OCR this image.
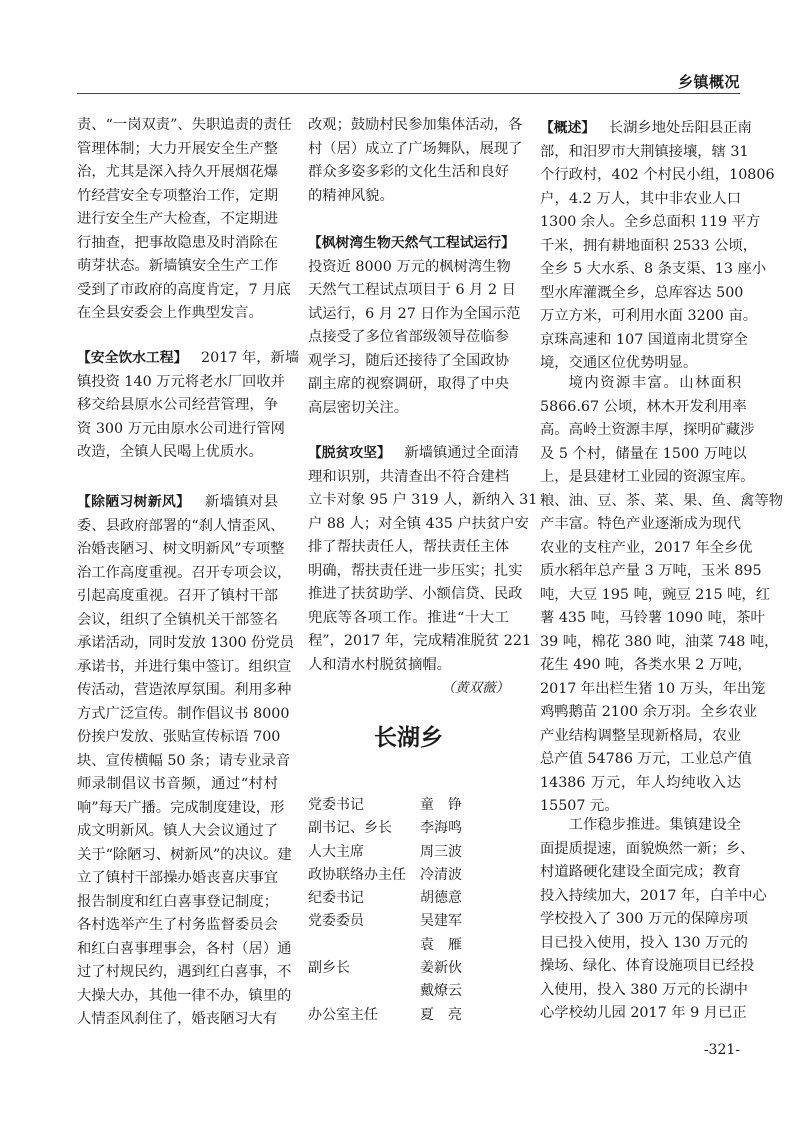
乡镇概况
责、“一岗双责”、失职追责的责任
管理体制；大力开展安全生产整
治，尤其是深入持久开展烟花爆
竹经营安全专项整治工作，定期
进行安全生产大检查，不定期进
行抽查，把事故隐患及时消除在
萌芽状态。新墙镇安全生产工作
受到了市政府的高度肯定，7 月底
在全县安委会上作典型发言。
【安全饮水工程】 2017 年，新墙
镇投资 140 万元将老水厂回收并
移交给县原水公司经营管理，争
资 300 万元由原水公司进行管网
改造，全镇人民喝上优质水。
【除陋习树新风】 新墙镇对县
委、县政府部署的“刹人情歪风、
治婚丧陋习、树文明新风”专项整
治工作高度重视。召开专项会议，
引起高度重视。召开了镇村干部
会议，组织了全镇机关干部签名
承诺活动，同时发放 1300 份党员
承诺书，并进行集中签订。组织宣
传活动，营造浓厚氛围。利用多种
方式广泛宣传。制作倡议书 8000
份挨户发放、张贴宣传标语 700
块、宣传横幅 50 条；请专业录音
师录制倡议书音频，通过“村村
响”每天广播。完成制度建设，形
成文明新风。镇人大会议通过了
关于“除陋习、树新风”的决议。建
立了镇村干部操办婚丧喜庆事宜
报告制度和红白喜事登记制度；
各村选举产生了村务监督委员会
和红白喜事理事会，各村（居）通
过了村规民约，遇到红白喜事，不
大操大办，其他一律不办，镇里的
人情歪风刹住了，婚丧陋习大有
（黄双薇）
长湖乡
党委书记	童　铮
副书记、乡长 李海鸣
人大主席	周三波
政协联络办主任 冷清波
纪委书记	胡德意
党委委员	吴建军
袁　雁
副乡长	姜新伙
戴燎云
办公室主任	夏　亮
改观；鼓励村民参加集体活动，各
村（居）成立了广场舞队，展现了
群众多姿多彩的文化生活和良好
的精神风貌。
【枫树湾生物天然气工程试运行】
投资近 8000 万元的枫树湾生物
天然气工程试点项目于 6 月 2 日
试运行，6 月 27 日作为全国示范
点接受了多位省部级领导莅临参
观学习，随后还接待了全国政协
副主席的视察调研，取得了中央
高层密切关注。
【脱贫攻坚】 新墙镇通过全面清
理和识别，共清查出不符合建档
立卡对象 95 户 319 人，新纳入 31
户 88 人；对全镇 435 户扶贫户安
排了帮扶责任人，帮扶责任主体
明确，帮扶责任进一步压实；扎实
推进了扶贫助学、小额信贷、民政
兜底等各项工作。推进“十大工
程”，2017 年，完成精准脱贫 221
人和清水村脱贫摘帽。
【概述】 长湖乡地处岳阳县正南
部，和汨罗市大荆镇接壤，辖 31
个行政村，402 个村民小组，10806
户，4.2 万人，其中非农业人口
1300 余人。全乡总面积 119 平方
千米，拥有耕地面积 2533 公顷，
全乡 5 大水系、8 条支渠、13 座小
型水库灌溉全乡，总库容达 500
万立方米，可利用水面 3200 亩。
京珠高速和 107 国道南北贯穿全
境，交通区位优势明显。
境内资源丰富。山林面积
5866.67 公顷，林木开发利用率
高。高岭土资源丰厚，探明矿藏涉
及 5 个村，储量在 1500 万吨以
上，是县建材工业园的资源宝库。
粮、油、豆、茶、菜、果、鱼、禽等物
产丰富。特色产业逐渐成为现代
农业的支柱产业，2017 年全乡优
质水稻年总产量 3 万吨，玉米 895
吨，大豆 195 吨，豌豆 215 吨，红
薯 435 吨，马铃薯 1090 吨，茶叶
39 吨，棉花 380 吨，油菜 748 吨，
花生 490 吨，各类水果 2 万吨，
2017 年出栏生猪 10 万头，年出笼
鸡鸭鹅苗 2100 余万羽。全乡农业
产业结构调整呈现新格局，农业
总产值 54786 万元，工业总产值
14386 万元，年人均纯收入达
15507 元。
工作稳步推进。集镇建设全
面提质提速，面貌焕然一新；乡、
村道路硬化建设全面完成；教育
投入持续加大，2017 年，白羊中心
学校投入了 300 万元的保障房项
目已投入使用，投入 130 万元的
操场、绿化、体育设施项目已经投
入使用，投入 380 万元的长湖中
心学校幼儿园 2017 年 9 月已正
-321-
